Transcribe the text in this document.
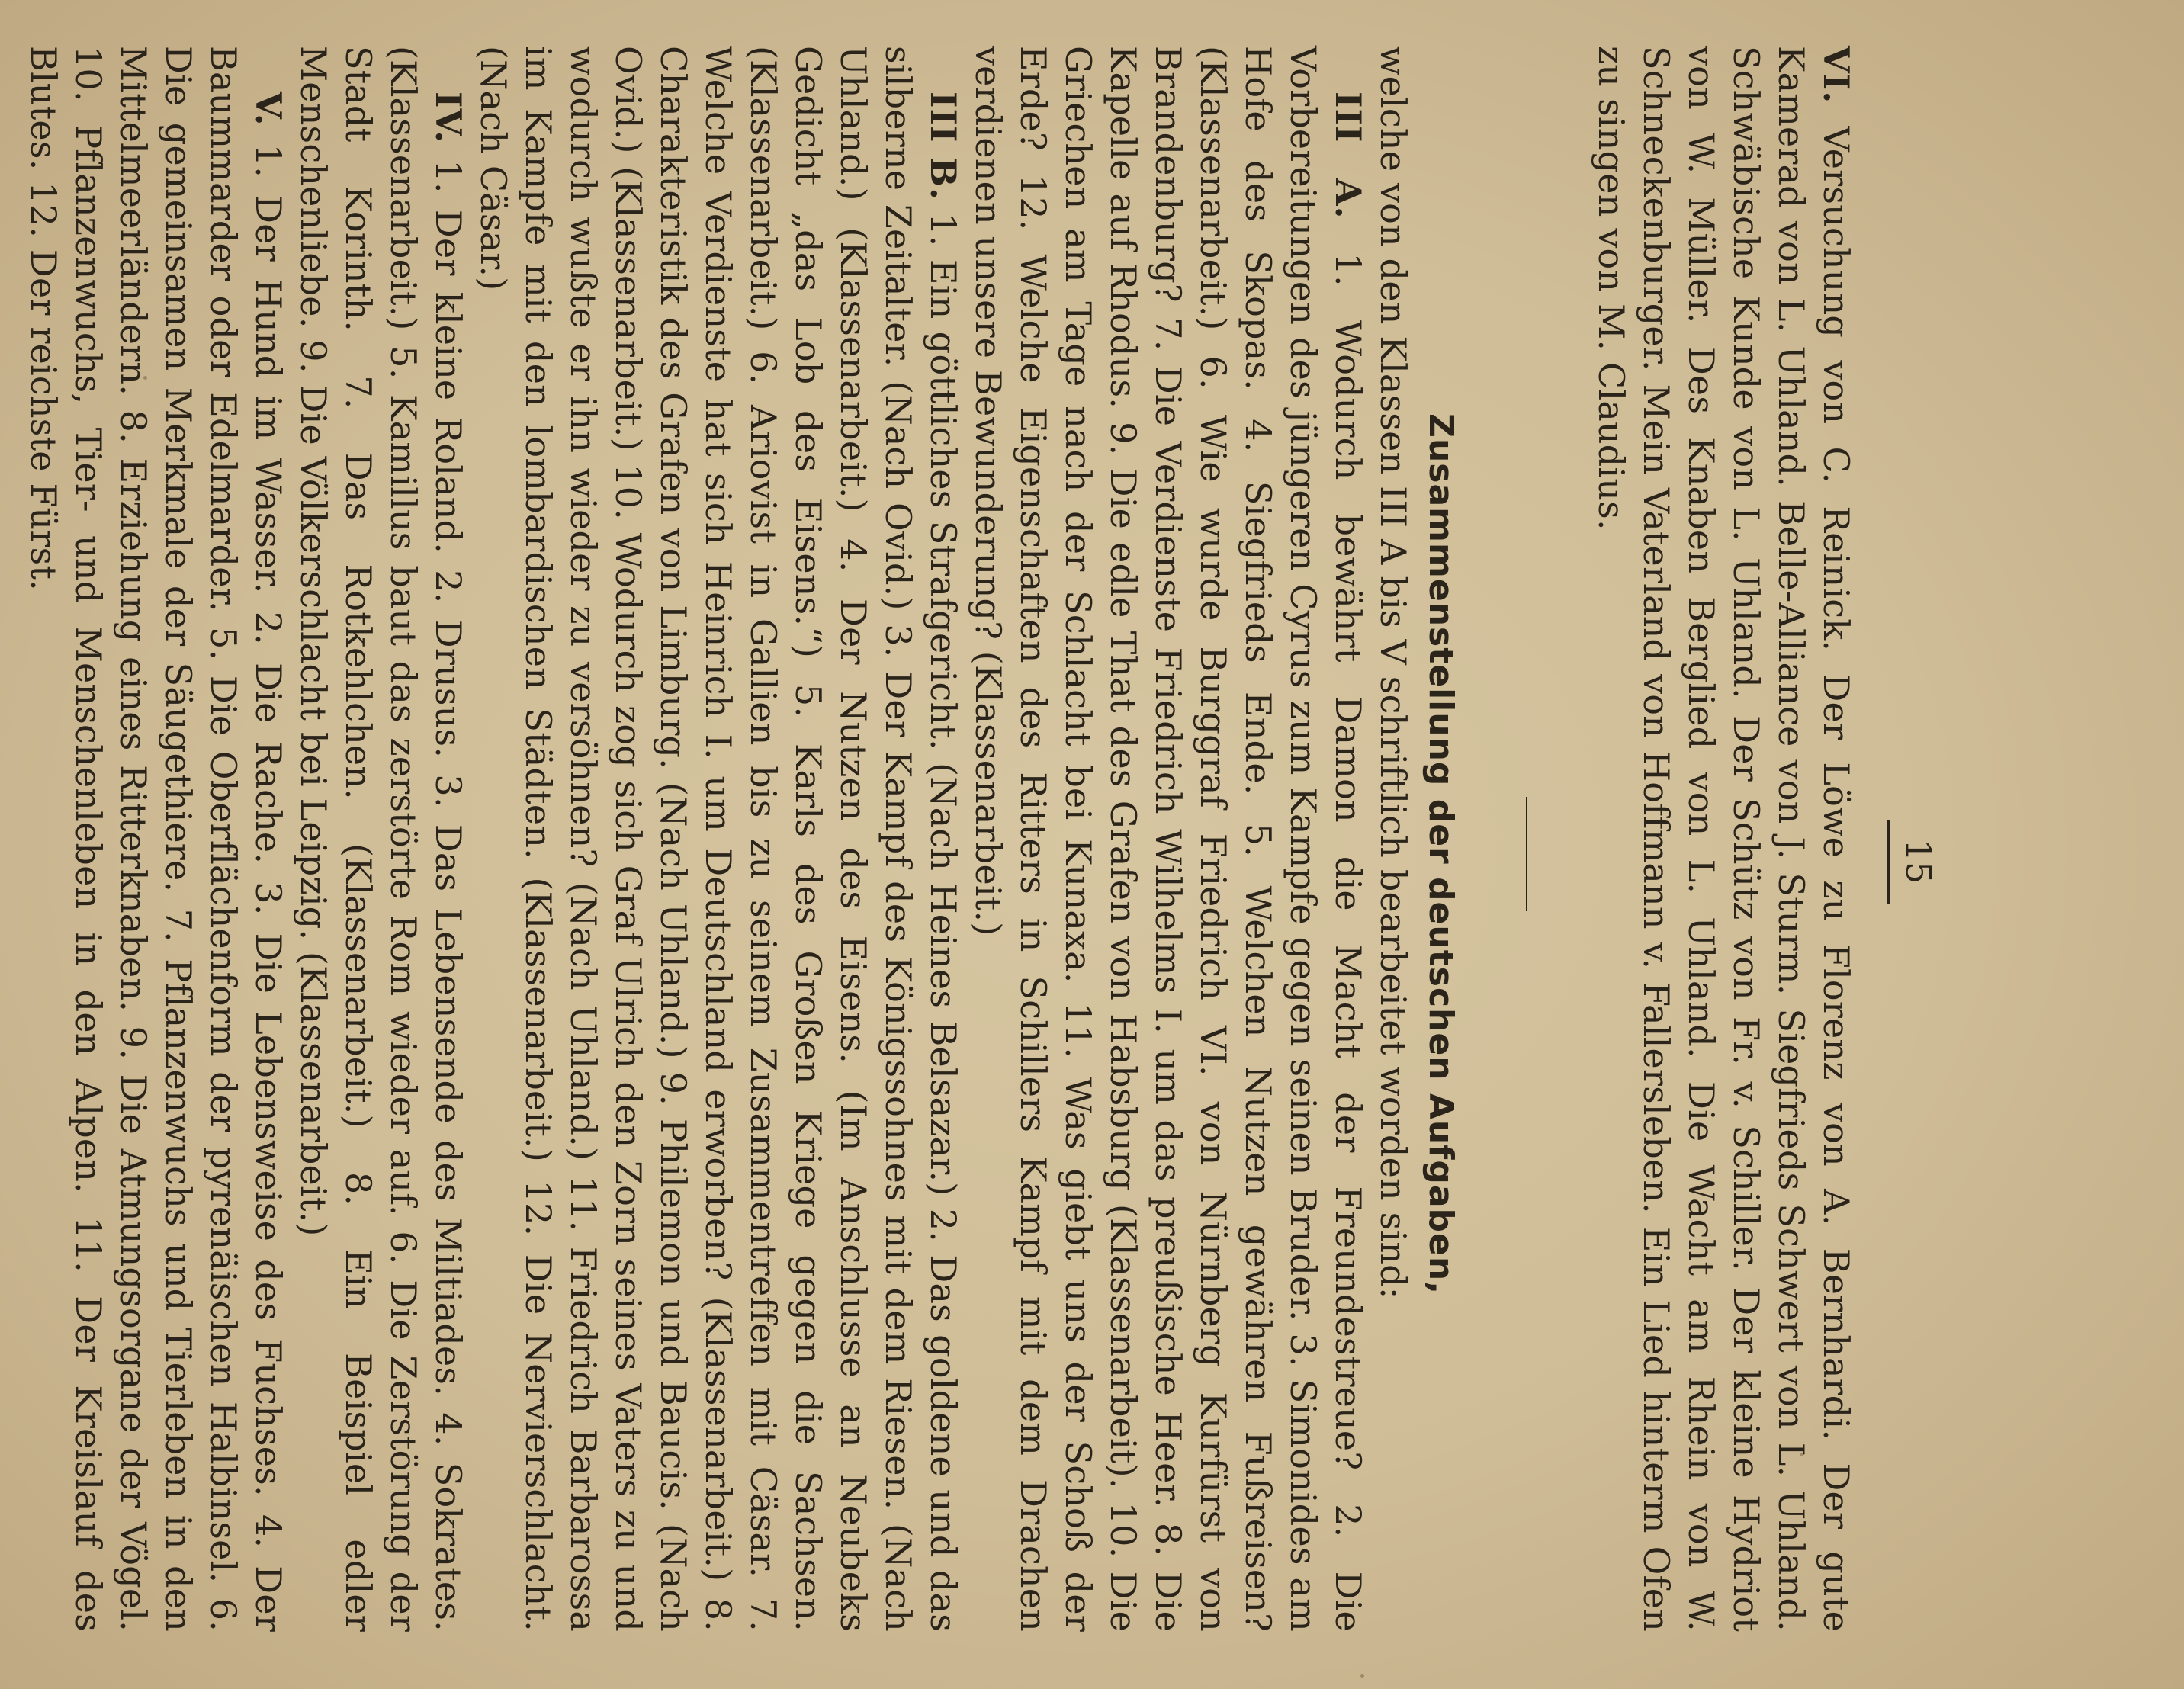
15

VI. Versuchung von C. Reinick. Der Löwe zu Florenz von A. Bernhardi. Der gute Kamerad von L. Uhland. Belle-Alliance von J. Sturm. Siegfrieds Schwert von L. Uhland. Schwäbische Kunde von L. Uhland. Der Schütz von Fr. v. Schiller. Der kleine Hydriot von W. Müller. Des Knaben Berglied von L. Uhland. Die Wacht am Rhein von W. Schneckenburger. Mein Vaterland von Hoffmann v. Fallersleben. Ein Lied hinterm Ofen zu singen von M. Claudius.

Zusammenstellung der deutschen Aufgaben,

welche von den Klassen III A bis V schriftlich bearbeitet worden sind:

III A. 1. Wodurch bewährt Damon die Macht der Freundestreue? 2. Die Vorbereitungen des jüngeren Cyrus zum Kampfe gegen seinen Bruder. 3. Simonides am Hofe des Skopas. 4. Siegfrieds Ende. 5. Welchen Nutzen gewähren Fußreisen? (Klassenarbeit.) 6. Wie wurde Burggraf Friedrich VI. von Nürnberg Kurfürst von Brandenburg? 7. Die Verdienste Friedrich Wilhelms I. um das preußische Heer. 8. Die Kapelle auf Rhodus. 9. Die edle That des Grafen von Habsburg (Klassenarbeit). 10. Die Griechen am Tage nach der Schlacht bei Kunaxa. 11. Was giebt uns der Schoß der Erde? 12. Welche Eigenschaften des Ritters in Schillers Kampf mit dem Drachen verdienen unsere Bewunderung? (Klassenarbeit.)

III B. 1. Ein göttliches Strafgericht. (Nach Heines Belsazar.) 2. Das goldene und das silberne Zeitalter. (Nach Ovid.) 3. Der Kampf des Königssohnes mit dem Riesen. (Nach Uhland.) (Klassenarbeit.) 4. Der Nutzen des Eisens. (Im Anschlusse an Neubeks Gedicht „das Lob des Eisens.“) 5. Karls des Großen Kriege gegen die Sachsen. (Klassenarbeit.) 6. Ariovist in Gallien bis zu seinem Zusammentreffen mit Cäsar. 7. Welche Verdienste hat sich Heinrich I. um Deutschland erworben? (Klassenarbeit.) 8. Charakteristik des Grafen von Limburg. (Nach Uhland.) 9. Philemon und Baucis. (Nach Ovid.) (Klassenarbeit.) 10. Wodurch zog sich Graf Ulrich den Zorn seines Vaters zu und wodurch wußte er ihn wieder zu versöhnen? (Nach Uhland.) 11. Friedrich Barbarossa im Kampfe mit den lombardischen Städten. (Klassenarbeit.) 12. Die Nervierschlacht. (Nach Cäsar.)

IV. 1. Der kleine Roland. 2. Drusus. 3. Das Lebensende des Miltiades. 4. Sokrates. (Klassenarbeit.) 5. Kamillus baut das zerstörte Rom wieder auf. 6. Die Zerstörung der Stadt Korinth. 7. Das Rotkehlchen. (Klassenarbeit.) 8. Ein Beispiel edler Menschenliebe. 9. Die Völkerschlacht bei Leipzig. (Klassenarbeit.)

V. 1. Der Hund im Wasser. 2. Die Rache. 3. Die Lebensweise des Fuchses. 4. Der Baummarder oder Edelmarder. 5. Die Oberflächenform der pyrenäischen Halbinsel. 6. Die gemeinsamen Merkmale der Säugethiere. 7. Pflanzenwuchs und Tierleben in den Mittelmeerländern. 8. Erziehung eines Ritterknaben. 9. Die Atmungsorgane der Vögel. 10. Pflanzenwuchs, Tier- und Menschenleben in den Alpen. 11. Der Kreislauf des Blutes. 12. Der reichste Fürst.
